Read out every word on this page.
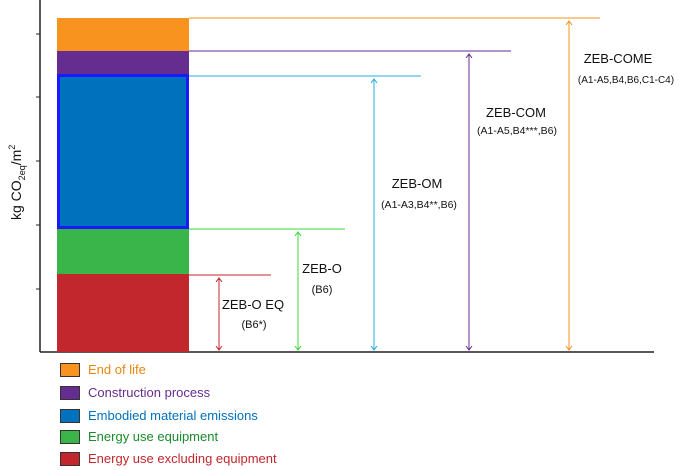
kg $CO_{2eq}/m^2$
ZEB-O EQ
(B6*)
ZEB-O
(B6)
ZEB-OM
(A1-A3,B4**,B6)
ZEB-COM
(A1-A5,B4***,B6)
ZEB-COME
(A1-A5,B4,B6,C1-C4)
End of life
Construction process
Embodied material emissions
Energy use equipment
Energy use excluding equipment
